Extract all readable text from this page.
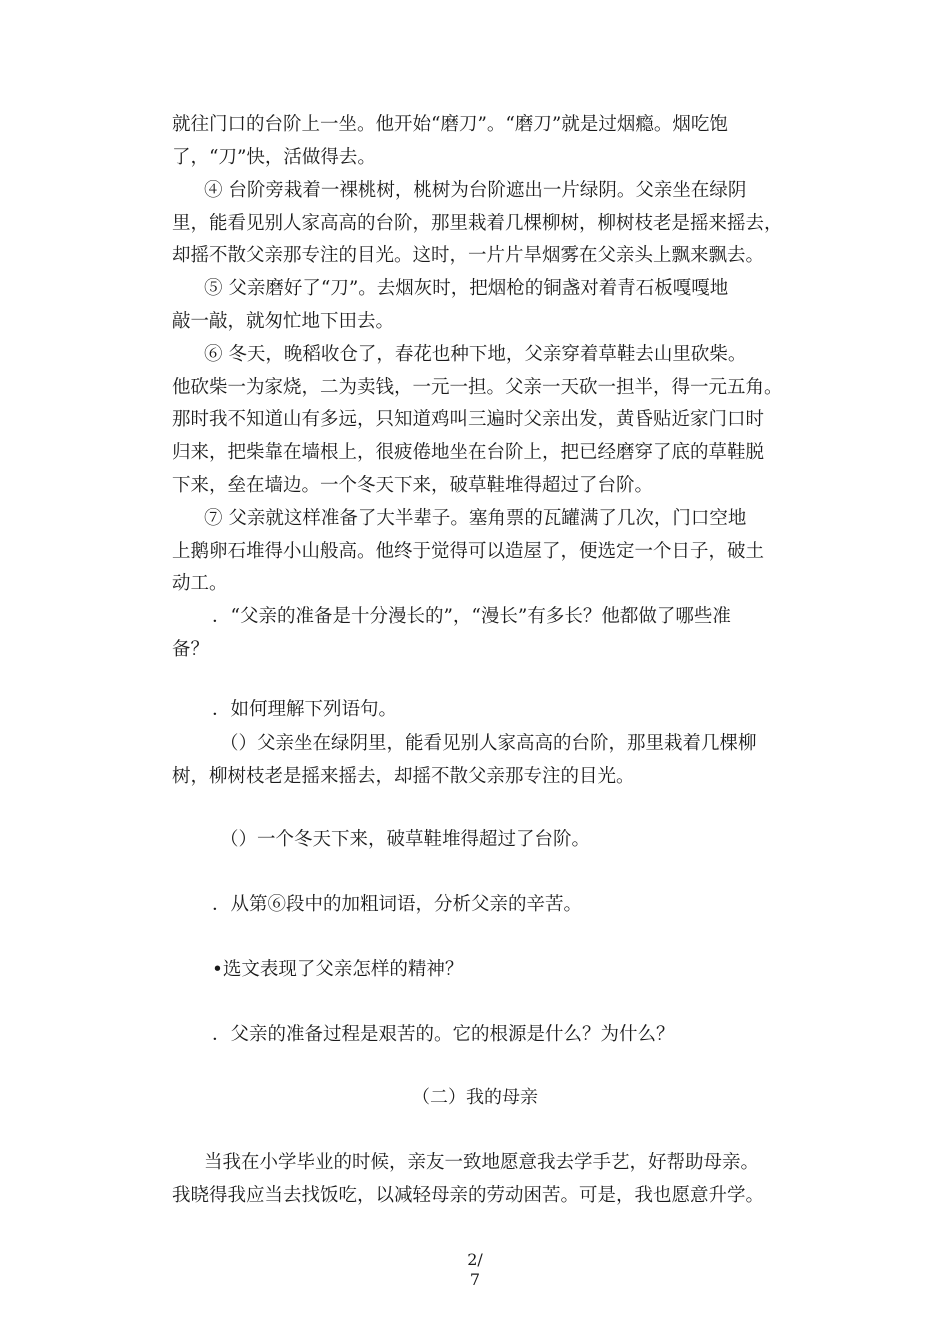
就往门口的台阶上一坐。他开始“磨刀”。“磨刀”就是过烟瘾。烟吃饱

了，“刀”快，活做得去。

④ 台阶旁栽着一裸桃树，桃树为台阶遮出一片绿阴。父亲坐在绿阴

里，能看见别人家高高的台阶，那里栽着几棵柳树，柳树枝老是摇来摇去，

却摇不散父亲那专注的目光。这时，一片片旱烟雾在父亲头上飘来飘去。

⑤ 父亲磨好了“刀”。去烟灰时，把烟枪的铜盏对着青石板嘎嘎地

敲一敲，就匆忙地下田去。

⑥ 冬天，晚稻收仓了，春花也种下地，父亲穿着草鞋去山里砍柴。

他砍柴一为家烧，二为卖钱，一元一担。父亲一天砍一担半，得一元五角。

那时我不知道山有多远，只知道鸡叫三遍时父亲出发，黄昏贴近家门口时

归来，把柴靠在墙根上，很疲倦地坐在台阶上，把已经磨穿了底的草鞋脱

下来，垒在墙边。一个冬天下来，破草鞋堆得超过了台阶。

⑦ 父亲就这样准备了大半辈子。塞角票的瓦罐满了几次，门口空地

上鹅卵石堆得小山般高。他终于觉得可以造屋了，便选定一个日子，破土

动工。

．“父亲的准备是十分漫长的”，“漫长”有多长？他都做了哪些准

备？

．如何理解下列语句。

（）父亲坐在绿阴里，能看见别人家高高的台阶，那里栽着几棵柳

树，柳树枝老是摇来摇去，却摇不散父亲那专注的目光。

（）一个冬天下来，破草鞋堆得超过了台阶。

．从第⑥段中的加粗词语，分析父亲的辛苦。

•选文表现了父亲怎样的精神？

．父亲的准备过程是艰苦的。它的根源是什么？为什么？

（二）我的母亲

当我在小学毕业的时候，亲友一致地愿意我去学手艺，好帮助母亲。

我晓得我应当去找饭吃，以减轻母亲的劳动困苦。可是，我也愿意升学。

2/
7
